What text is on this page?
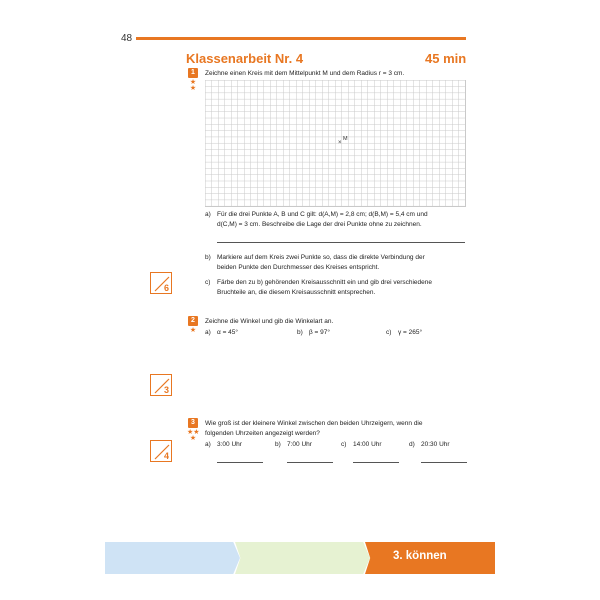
48
Klassenarbeit Nr. 4	45 min
1
★
★
Zeichne einen Kreis mit dem Mittelpunkt M und dem Radius r = 3 cm.
×
M
a) Für die drei Punkte A, B und C gilt: d(A,M) = 2,8 cm; d(B,M) = 5,4 cm und
d(C,M) = 3 cm. Beschreibe die Lage der drei Punkte ohne zu zeichnen.
b) Markiere auf dem Kreis zwei Punkte so, dass die direkte Verbindung der
beiden Punkte den Durchmesser des Kreises entspricht.
c) Färbe den zu b) gehörenden Kreisausschnitt ein und gib drei verschiedene
Bruchteile an, die diesem Kreisausschnitt entsprechen.
6
2
★
Zeichne die Winkel und gib die Winkelart an.
a) α = 45°	b) β = 97°	c) γ = 265°
3
3
★★
★
Wie groß ist der kleinere Winkel zwischen den beiden Uhrzeigern, wenn die
folgenden Uhrzeiten angezeigt werden?
a) 3:00 Uhr	b) 7:00 Uhr	c) 14:00 Uhr	d) 20:30 Uhr
4
3. können
